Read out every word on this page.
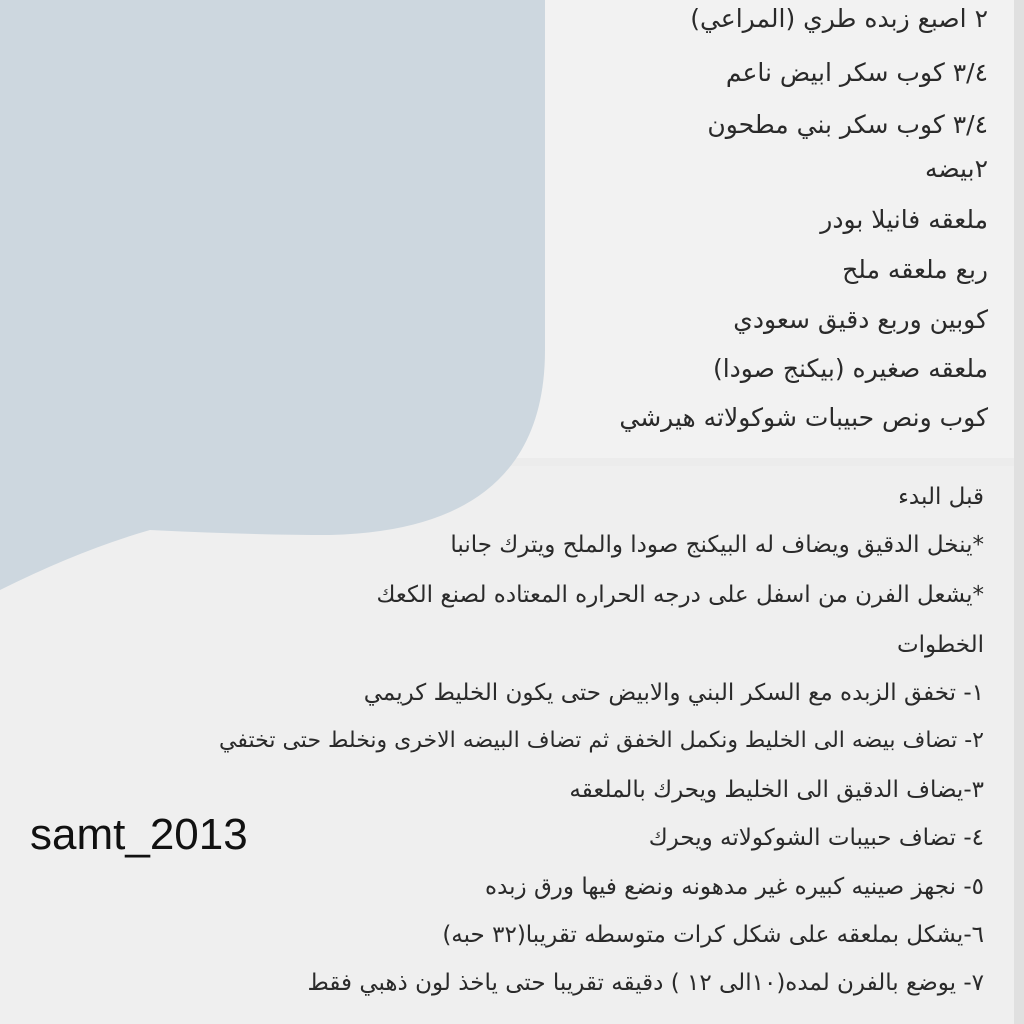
٢ اصبع زبده طري (المراعي)
٣/٤ كوب سكر ابيض ناعم
٣/٤ كوب سكر بني مطحون
٢بيضه
ملعقه فانيلا بودر
ربع ملعقه ملح
كوبين وربع دقيق سعودي
ملعقه صغيره (بيكنج صودا)
كوب ونص حبيبات شوكولاته هيرشي
قبل البدء
*ينخل الدقيق ويضاف له البيكنج صودا والملح ويترك جانبا
*يشعل الفرن من اسفل على درجه الحراره المعتاده لصنع الكعك
الخطوات
١- تخفق الزبده مع السكر البني والابيض حتى يكون الخليط كريمي
٢- تضاف بيضه الى الخليط ونكمل الخفق ثم تضاف البيضه الاخرى ونخلط حتى تختفي
٣-يضاف الدقيق الى الخليط ويحرك بالملعقه
٤- تضاف حبيبات الشوكولاته ويحرك
٥- نجهز صينيه كبيره غير مدهونه ونضع فيها ورق زبده
٦-يشكل بملعقه على شكل كرات متوسطه تقريبا(٣٢ حبه)
٧- يوضع بالفرن لمده(١٠الى ١٢ ) دقيقه تقريبا حتى ياخذ لون ذهبي فقط
samt_2013
